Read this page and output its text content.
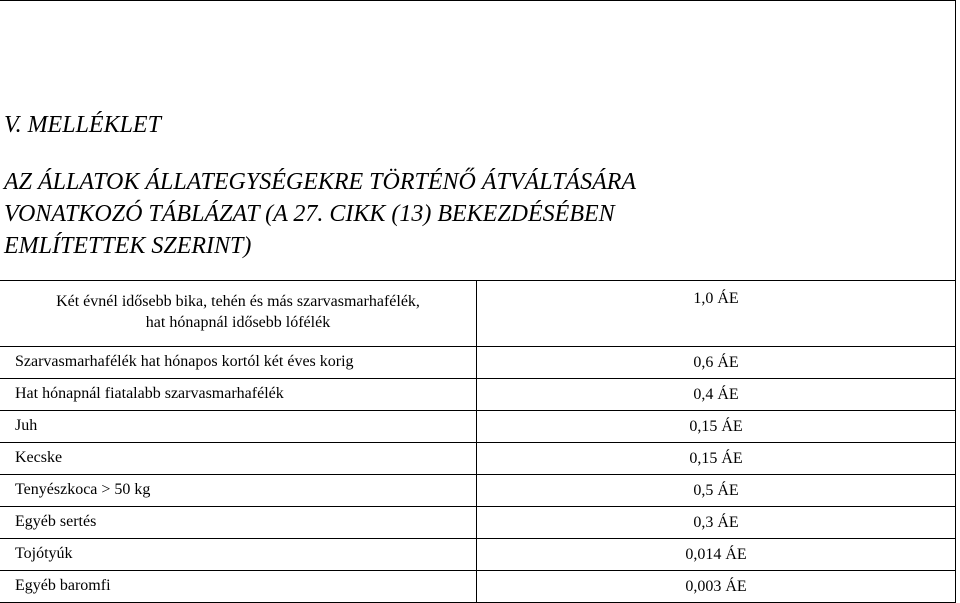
V. MELLÉKLET
AZ ÁLLATOK ÁLLATEGYSÉGEKRE TÖRTÉNŐ ÁTVÁLTÁSÁRA
VONATKOZÓ TÁBLÁZAT (A 27. CIKK (13) BEKEZDÉSÉBEN
EMLÍTETTEK SZERINT)
Két évnél idősebb bika, tehén és más szarvasmarhafélék,
hat hónapnál idősebb lófélék	1,0 ÁE
Szarvasmarhafélék hat hónapos kortól két éves korig	0,6 ÁE
Hat hónapnál fiatalabb szarvasmarhafélék	0,4 ÁE
Juh	0,15 ÁE
Kecske	0,15 ÁE
Tenyészkoca > 50 kg	0,5 ÁE
Egyéb sertés	0,3 ÁE
Tojótyúk	0,014 ÁE
Egyéb baromfi	0,003 ÁE
